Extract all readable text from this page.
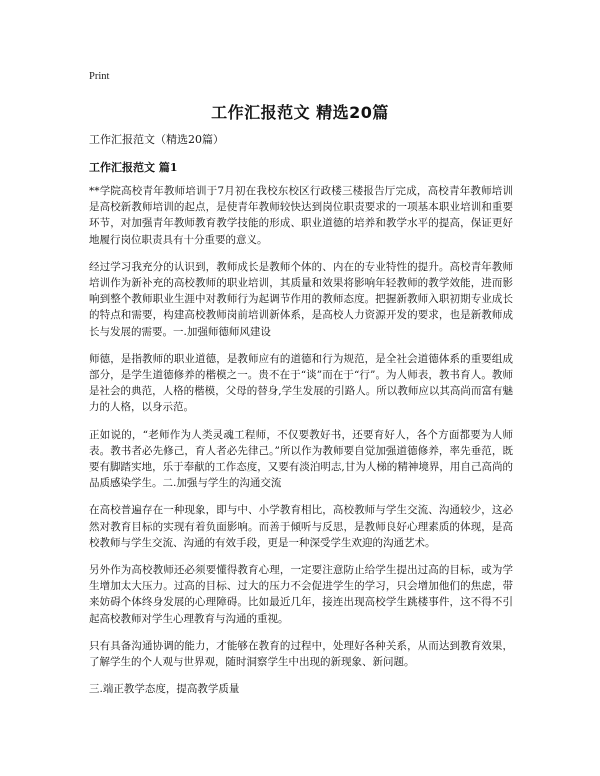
Print
工作汇报范文 精选20篇
工作汇报范文（精选20篇）
工作汇报范文 篇1

**学院高校青年教师培训于7月初在我校东校区行政楼三楼报告厅完成，高校青年教师培训是高校新教师培训的起点，是使青年教师较快达到岗位职责要求的一项基本职业培训和重要环节，对加强青年教师教育教学技能的形成、职业道德的培养和教学水平的提高，保证更好地履行岗位职责具有十分重要的意义。

经过学习我充分的认识到，教师成长是教师个体的、内在的专业特性的提升。高校青年教师培训作为新补充的高校教师的职业培训，其质量和效果将影响年轻教师的教学效能，进而影响到整个教师职业生涯中对教师行为起调节作用的教师态度。把握新教师入职初期专业成长的特点和需要，构建高校教师岗前培训新体系，是高校人力资源开发的要求，也是新教师成长与发展的需要。一.加强师德师风建设

师德，是指教师的职业道德，是教师应有的道德和行为规范，是全社会道德体系的重要组成部分，是学生道德修养的楷模之一。贵不在于“谈”而在于“行”。为人师表，教书育人。教师是社会的典范，人格的楷模，父母的替身,学生发展的引路人。所以教师应以其高尚而富有魅力的人格，以身示范。

正如说的，“老师作为人类灵魂工程师，不仅要教好书，还要育好人，各个方面都要为人师表。教书者必先修己，育人者必先律己。”所以作为教师要自觉加强道德修养，率先垂范，既要有脚踏实地，乐于奉献的工作态度，又要有淡泊明志,甘为人梯的精神境界，用自己高尚的品质感染学生。二.加强与学生的沟通交流

在高校普遍存在一种现象，即与中、小学教育相比，高校教师与学生交流、沟通较少，这必然对教育目标的实现有着负面影响。而善于倾听与反思，是教师良好心理素质的体现，是高校教师与学生交流、沟通的有效手段，更是一种深受学生欢迎的沟通艺术。

另外作为高校教师还必须要懂得教育心理，一定要注意防止给学生提出过高的目标，或为学生增加太大压力。过高的目标、过大的压力不会促进学生的学习，只会增加他们的焦虑，带来妨碍个体终身发展的心理障碍。比如最近几年，接连出现高校学生跳楼事件，这不得不引起高校教师对学生心理教育与沟通的重视。

只有具备沟通协调的能力，才能够在教育的过程中，处理好各种关系，从而达到教育效果，了解学生的个人观与世界观，随时洞察学生中出现的新现象、新问题。

三.端正教学态度，提高教学质量
